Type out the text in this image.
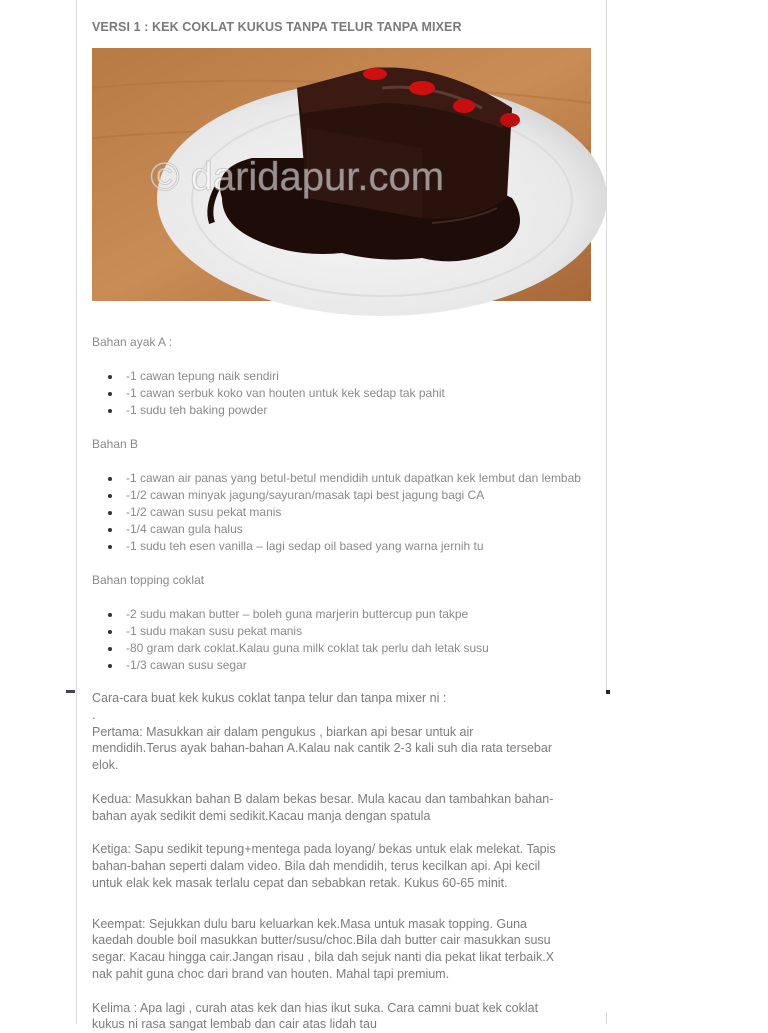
VERSI 1 : KEK COKLAT KUKUS TANPA TELUR TANPA MIXER
© daridapur.com

Bahan ayak A :

-1 cawan tepung naik sendiri
-1 cawan serbuk koko van houten untuk kek sedap tak pahit
-1 sudu teh baking powder

Bahan B

-1 cawan air panas yang betul-betul mendidih untuk dapatkan kek lembut dan lembab
-1/2 cawan minyak jagung/sayuran/masak tapi best jagung bagi CA
-1/2 cawan susu pekat manis
-1/4 cawan gula halus
-1 sudu teh esen vanilla – lagi sedap oil based yang warna jernih tu

Bahan topping coklat

-2 sudu makan butter – boleh guna marjerin buttercup pun takpe
-1 sudu makan susu pekat manis
-80 gram dark coklat.Kalau guna milk coklat tak perlu dah letak susu
-1/3 cawan susu segar

Cara-cara buat kek kukus coklat tanpa telur dan tanpa mixer ni :

.

Pertama: Masukkan air dalam pengukus , biarkan api besar untuk air

mendidih.Terus ayak bahan-bahan A.Kalau nak cantik 2-3 kali suh dia rata tersebar

elok.

Kedua: Masukkan bahan B dalam bekas besar. Mula kacau dan tambahkan bahan-

bahan ayak sedikit demi sedikit.Kacau manja dengan spatula

Ketiga: Sapu sedikit tepung+mentega pada loyang/ bekas untuk elak melekat. Tapis

bahan-bahan seperti dalam video. Bila dah mendidih, terus kecilkan api. Api kecil

untuk elak kek masak terlalu cepat dan sebabkan retak. Kukus 60-65 minit.

Keempat: Sejukkan dulu baru keluarkan kek.Masa untuk masak topping. Guna

kaedah double boil masukkan butter/susu/choc.Bila dah butter cair masukkan susu

segar. Kacau hingga cair.Jangan risau , bila dah sejuk nanti dia pekat likat terbaik.X

nak pahit guna choc dari brand van houten. Mahal tapi premium.

Kelima : Apa lagi , curah atas kek dan hias ikut suka. Cara camni buat kek coklat

kukus ni rasa sangat lembab dan cair atas lidah tau
